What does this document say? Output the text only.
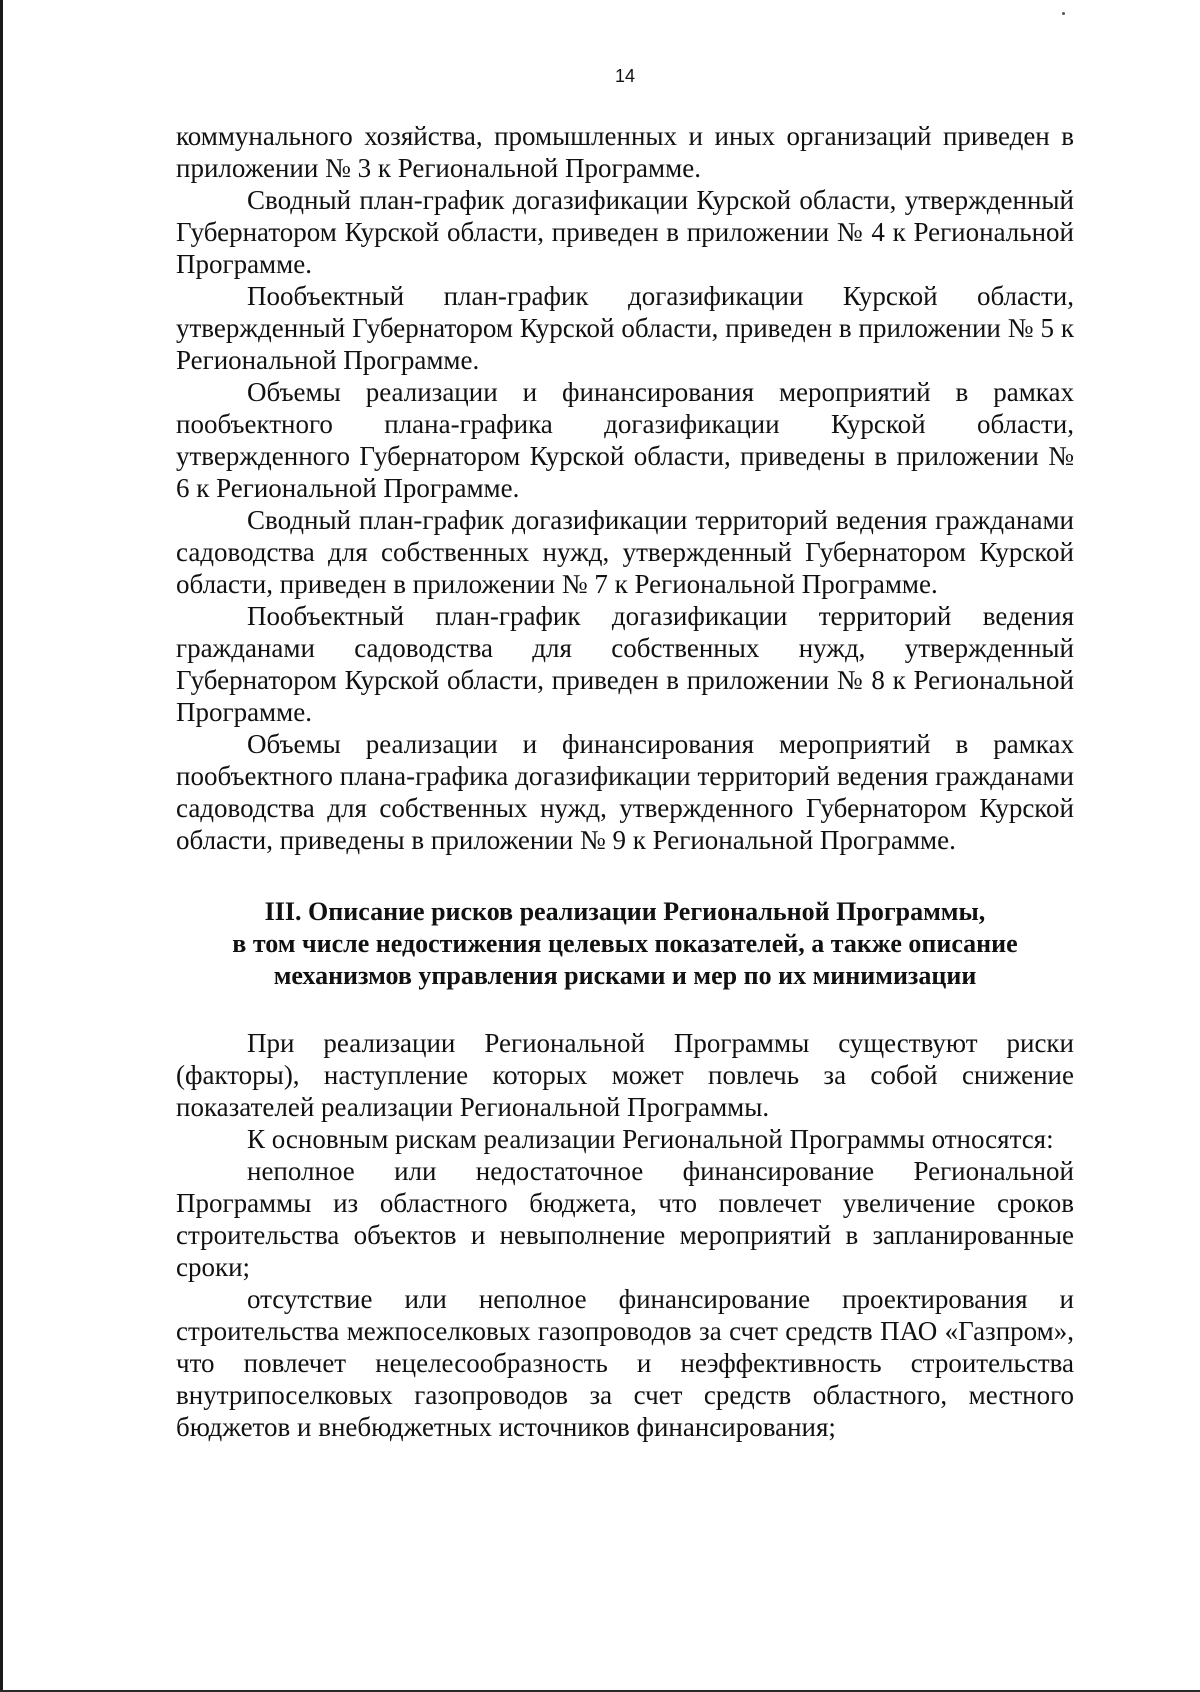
14

коммунального хозяйства, промышленных и иных организаций приведен в приложении № 3 к Региональной Программе.

Сводный план-график догазификации Курской области, утвержденный Губернатором Курской области, приведен в приложении № 4 к Региональной Программе.

Пообъектный план-график догазификации Курской области, утвержденный Губернатором Курской области, приведен в приложении № 5 к Региональной Программе.

Объемы реализации и финансирования мероприятий в рамках пообъектного плана-графика догазификации Курской области, утвержденного Губернатором Курской области, приведены в приложении № 6 к Региональной Программе.

Сводный план-график догазификации территорий ведения гражданами садоводства для собственных нужд, утвержденный Губернатором Курской области, приведен в приложении № 7 к Региональной Программе.

Пообъектный план-график догазификации территорий ведения гражданами садоводства для собственных нужд, утвержденный Губернатором Курской области, приведен в приложении № 8 к Региональной Программе.

Объемы реализации и финансирования мероприятий в рамках пообъектного плана-графика догазификации территорий ведения гражданами садоводства для собственных нужд, утвержденного Губернатором Курской области, приведены в приложении № 9 к Региональной Программе.

III. Описание рисков реализации Региональной Программы,
в том числе недостижения целевых показателей, а также описание
механизмов управления рисками и мер по их минимизации

При реализации Региональной Программы существуют риски (факторы), наступление которых может повлечь за собой снижение показателей реализации Региональной Программы.

К основным рискам реализации Региональной Программы относятся:

неполное или недостаточное финансирование Региональной Программы из областного бюджета, что повлечет увеличение сроков строительства объектов и невыполнение мероприятий в запланированные сроки;

отсутствие или неполное финансирование проектирования и строительства межпоселковых газопроводов за счет средств ПАО «Газпром», что повлечет нецелесообразность и неэффективность строительства внутрипоселковых газопроводов за счет средств областного, местного бюджетов и внебюджетных источников финансирования;
